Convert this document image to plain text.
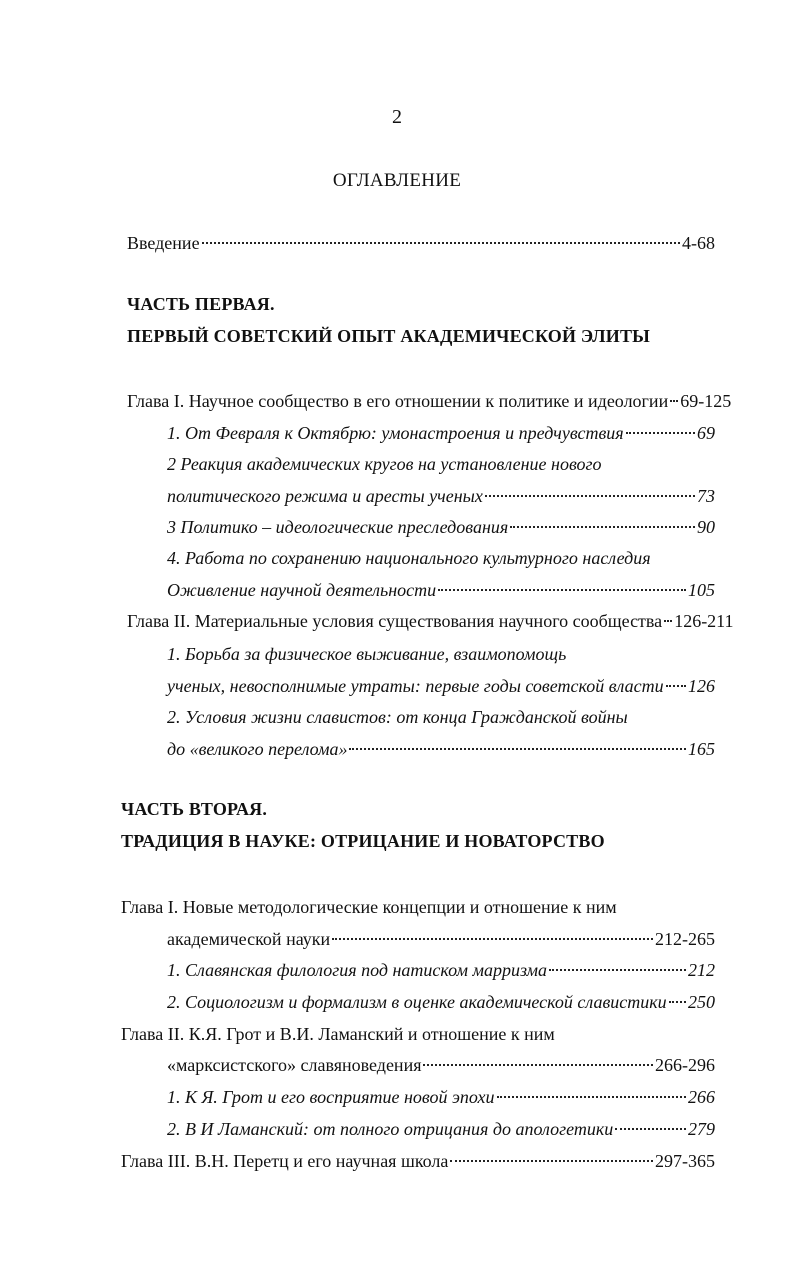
2
ОГЛАВЛЕНИЕ
Введение	4-68
ЧАСТЬ ПЕРВАЯ.
ПЕРВЫЙ СОВЕТСКИЙ ОПЫТ АКАДЕМИЧЕСКОЙ ЭЛИТЫ
Глава I. Научное сообщество в его отношении к политике и идеологии 69-125
1. От Февраля к Октябрю: умонастроения и предчувствия	69
2 Реакция академических кругов на установление нового
политического режима и аресты ученых	73
3 Политико – идеологические преследования	90
4. Работа по сохранению национального культурного наследия
Оживление научной деятельности	105
Глава II. Материальные условия существования научного сообщества 126-211
1. Борьба за физическое выживание, взаимопомощь
ученых, невосполнимые утраты: первые годы советской власти 126
2. Условия жизни славистов: от конца Гражданской войны
до «великого перелома»	165
ЧАСТЬ ВТОРАЯ.
ТРАДИЦИЯ В НАУКЕ: ОТРИЦАНИЕ И НОВАТОРСТВО
Глава I. Новые методологические концепции и отношение к ним
академической науки	212-265
1. Славянская филология под натиском марризма	212
2. Социологизм и формализм в оценке академической славистики 250
Глава II. К.Я. Грот и В.И. Ламанский и отношение к ним
«марксистского» славяноведения	266-296
1. К Я. Грот и его восприятие новой эпохи	266
2. В И Ламанский: от полного отрицания до апологетики	279
Глава III. В.Н. Перетц и его научная школа	297-365
